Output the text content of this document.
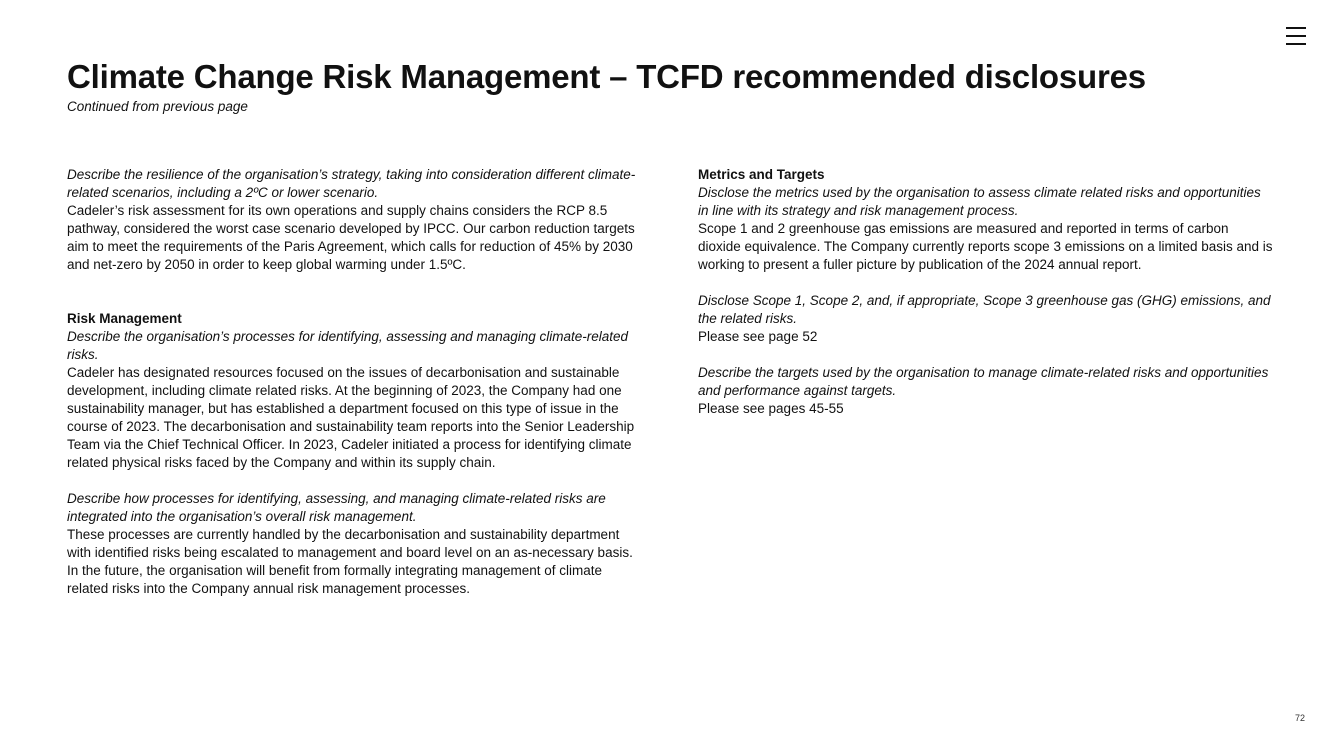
Climate Change Risk Management – TCFD recommended disclosures

Continued from previous page

Describe the resilience of the organisation’s strategy, taking into consideration different climate-related scenarios, including a 2ºC or lower scenario.

Cadeler’s risk assessment for its own operations and supply chains considers the RCP 8.5 pathway, considered the worst case scenario developed by IPCC. Our carbon reduction targets aim to meet the requirements of the Paris Agreement, which calls for reduction of 45% by 2030 and net-zero by 2050 in order to keep global warming under 1.5ºC.

Risk Management

Describe the organisation’s processes for identifying, assessing and managing climate-related risks.

Cadeler has designated resources focused on the issues of decarbonisation and sustainable development, including climate related risks. At the beginning of 2023, the Company had one sustainability manager, but has established a department focused on this type of issue in the course of 2023. The decarbonisation and sustainability team reports into the Senior Leadership Team via the Chief Technical Officer. In 2023, Cadeler initiated a process for identifying climate related physical risks faced by the Company and within its supply chain.

Describe how processes for identifying, assessing, and managing climate-related risks are integrated into the organisation’s overall risk management.

These processes are currently handled by the decarbonisation and sustainability department with identified risks being escalated to management and board level on an as-necessary basis. In the future, the organisation will benefit from formally integrating management of climate related risks into the Company annual risk management processes.

Metrics and Targets

Disclose the metrics used by the organisation to assess climate related risks and opportunities in line with its strategy and risk management process.

Scope 1 and 2 greenhouse gas emissions are measured and reported in terms of carbon dioxide equivalence. The Company currently reports scope 3 emissions on a limited basis and is working to present a fuller picture by publication of the 2024 annual report.

Disclose Scope 1, Scope 2, and, if appropriate, Scope 3 greenhouse gas (GHG) emissions, and the related risks.

Please see page 52

Describe the targets used by the organisation to manage climate-related risks and opportunities and performance against targets.

Please see pages 45-55

72
